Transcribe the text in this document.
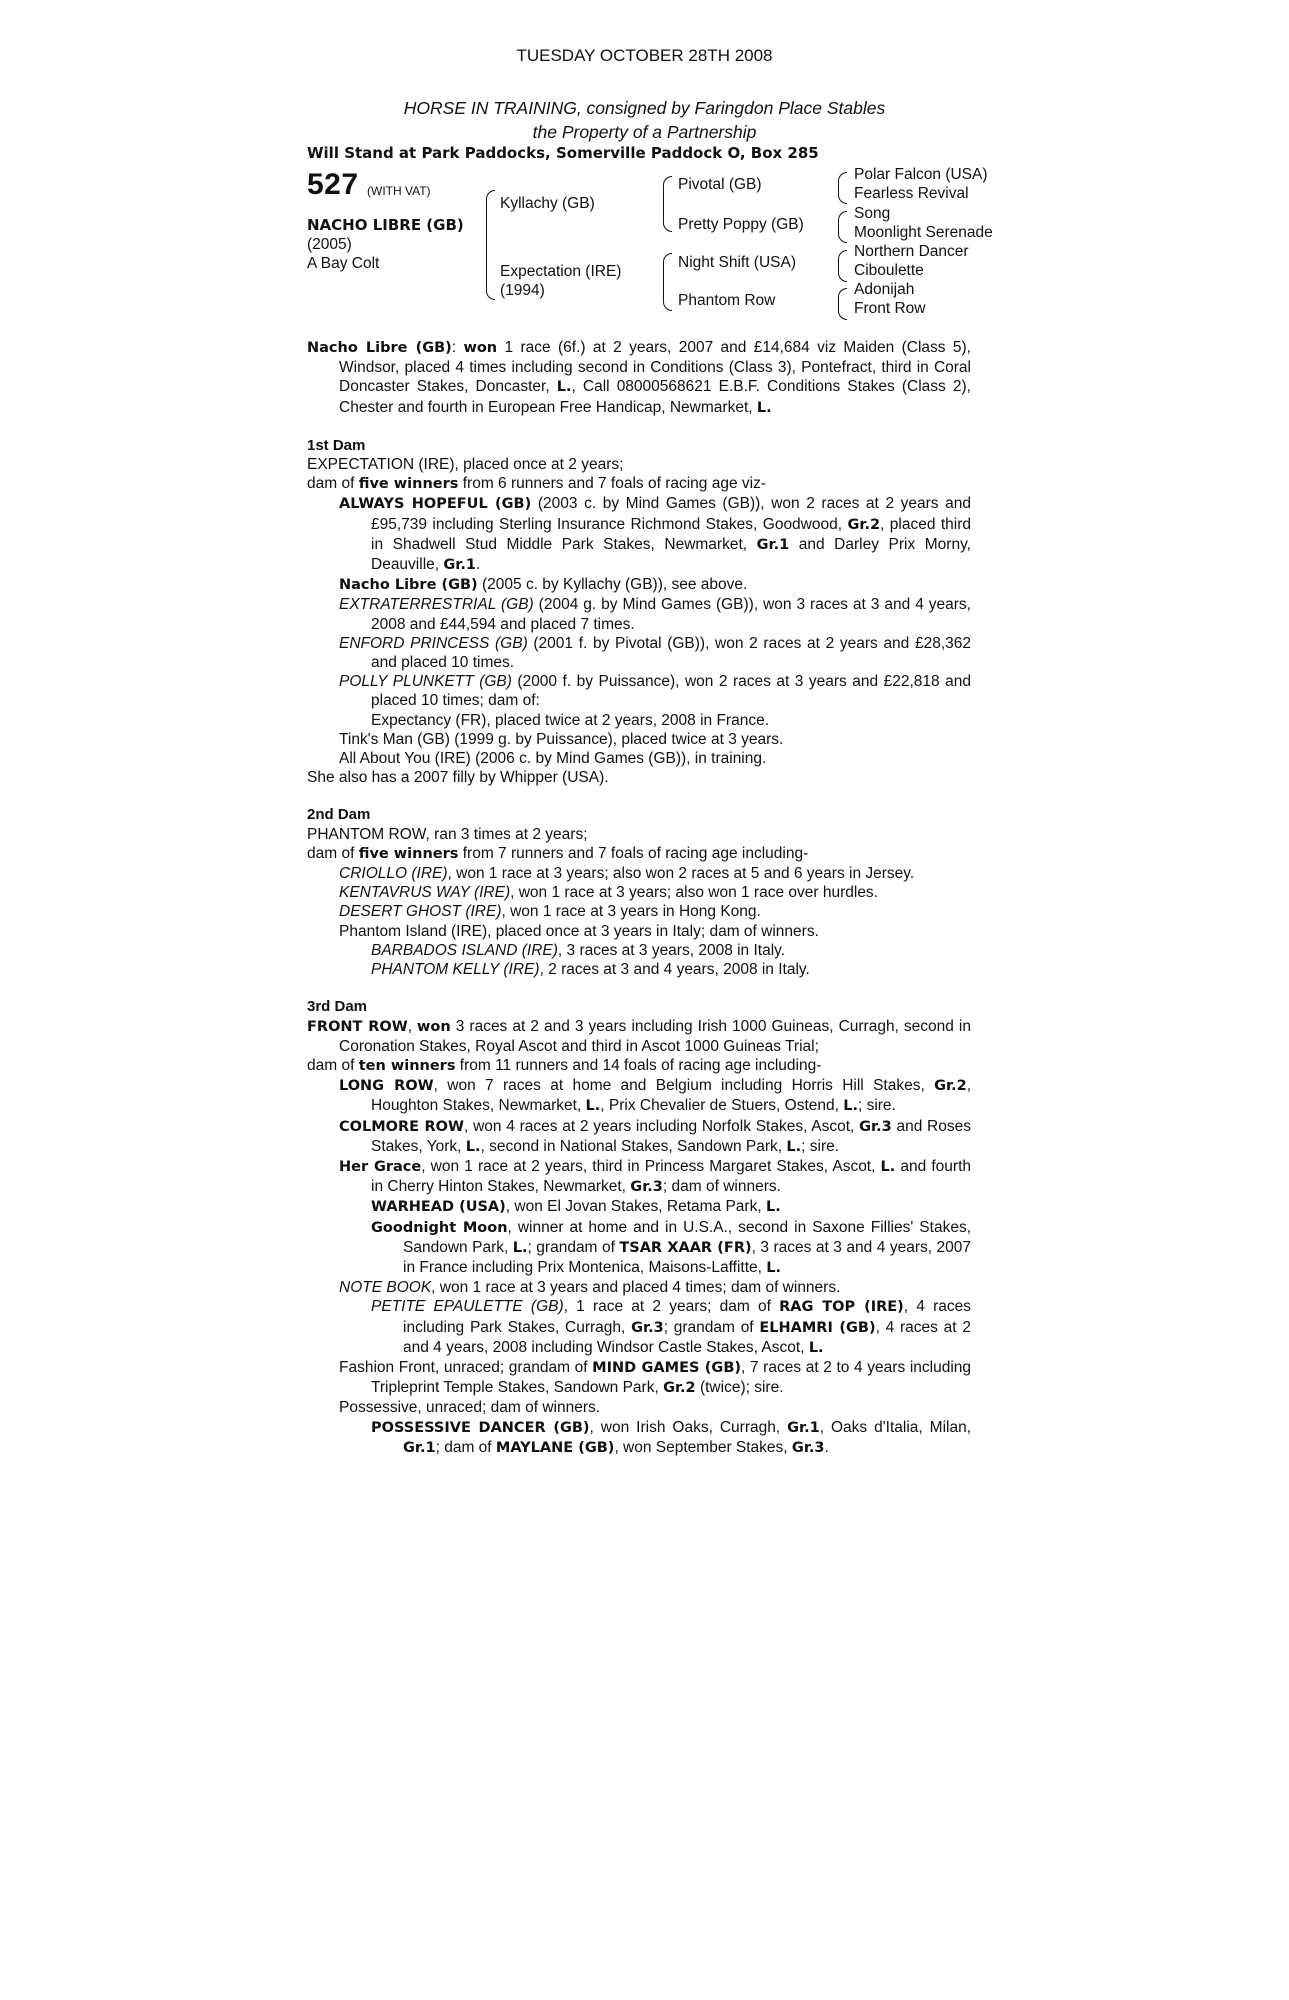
TUESDAY OCTOBER 28TH 2008
HORSE IN TRAINING, consigned by Faringdon Place Stables
the Property of a Partnership
Will Stand at Park Paddocks, Somerville Paddock O, Box 285
527 (WITH VAT)
NACHO LIBRE (GB)
(2005)
A Bay Colt
Kyllachy (GB)
Expectation (IRE)
(1994)
Pivotal (GB)
Pretty Poppy (GB)
Night Shift (USA)
Phantom Row
Polar Falcon (USA)
Fearless Revival
Song
Moonlight Serenade
Northern Dancer
Ciboulette
Adonijah
Front Row

Nacho Libre (GB): won 1 race (6f.) at 2 years, 2007 and £14,684 viz Maiden (Class 5), Windsor, placed 4 times including second in Conditions (Class 3), Pontefract, third in Coral Doncaster Stakes, Doncaster, L., Call 08000568621 E.B.F. Conditions Stakes (Class 2), Chester and fourth in European Free Handicap, Newmarket, L.

1st Dam

EXPECTATION (IRE), placed once at 2 years;

dam of five winners from 6 runners and 7 foals of racing age viz-

ALWAYS HOPEFUL (GB) (2003 c. by Mind Games (GB)), won 2 races at 2 years and £95,739 including Sterling Insurance Richmond Stakes, Goodwood, Gr.2, placed third in Shadwell Stud Middle Park Stakes, Newmarket, Gr.1 and Darley Prix Morny, Deauville, Gr.1.

Nacho Libre (GB) (2005 c. by Kyllachy (GB)), see above.

EXTRATERRESTRIAL (GB) (2004 g. by Mind Games (GB)), won 3 races at 3 and 4 years, 2008 and £44,594 and placed 7 times.

ENFORD PRINCESS (GB) (2001 f. by Pivotal (GB)), won 2 races at 2 years and £28,362 and placed 10 times.

POLLY PLUNKETT (GB) (2000 f. by Puissance), won 2 races at 3 years and £22,818 and placed 10 times; dam of:

Expectancy (FR), placed twice at 2 years, 2008 in France.

Tink's Man (GB) (1999 g. by Puissance), placed twice at 3 years.

All About You (IRE) (2006 c. by Mind Games (GB)), in training.

She also has a 2007 filly by Whipper (USA).

2nd Dam

PHANTOM ROW, ran 3 times at 2 years;

dam of five winners from 7 runners and 7 foals of racing age including-

CRIOLLO (IRE), won 1 race at 3 years; also won 2 races at 5 and 6 years in Jersey.

KENTAVRUS WAY (IRE), won 1 race at 3 years; also won 1 race over hurdles.

DESERT GHOST (IRE), won 1 race at 3 years in Hong Kong.

Phantom Island (IRE), placed once at 3 years in Italy; dam of winners.

BARBADOS ISLAND (IRE), 3 races at 3 years, 2008 in Italy.

PHANTOM KELLY (IRE), 2 races at 3 and 4 years, 2008 in Italy.

3rd Dam

FRONT ROW, won 3 races at 2 and 3 years including Irish 1000 Guineas, Curragh, second in Coronation Stakes, Royal Ascot and third in Ascot 1000 Guineas Trial;

dam of ten winners from 11 runners and 14 foals of racing age including-

LONG ROW, won 7 races at home and Belgium including Horris Hill Stakes, Gr.2, Houghton Stakes, Newmarket, L., Prix Chevalier de Stuers, Ostend, L.; sire.

COLMORE ROW, won 4 races at 2 years including Norfolk Stakes, Ascot, Gr.3 and Roses Stakes, York, L., second in National Stakes, Sandown Park, L.; sire.

Her Grace, won 1 race at 2 years, third in Princess Margaret Stakes, Ascot, L. and fourth in Cherry Hinton Stakes, Newmarket, Gr.3; dam of winners.

WARHEAD (USA), won El Jovan Stakes, Retama Park, L.

Goodnight Moon, winner at home and in U.S.A., second in Saxone Fillies' Stakes, Sandown Park, L.; grandam of TSAR XAAR (FR), 3 races at 3 and 4 years, 2007 in France including Prix Montenica, Maisons-Laffitte, L.

NOTE BOOK, won 1 race at 3 years and placed 4 times; dam of winners.

PETITE EPAULETTE (GB), 1 race at 2 years; dam of RAG TOP (IRE), 4 races including Park Stakes, Curragh, Gr.3; grandam of ELHAMRI (GB), 4 races at 2 and 4 years, 2008 including Windsor Castle Stakes, Ascot, L.

Fashion Front, unraced; grandam of MIND GAMES (GB), 7 races at 2 to 4 years including Tripleprint Temple Stakes, Sandown Park, Gr.2 (twice); sire.

Possessive, unraced; dam of winners.

POSSESSIVE DANCER (GB), won Irish Oaks, Curragh, Gr.1, Oaks d'Italia, Milan, Gr.1; dam of MAYLANE (GB), won September Stakes, Gr.3.
